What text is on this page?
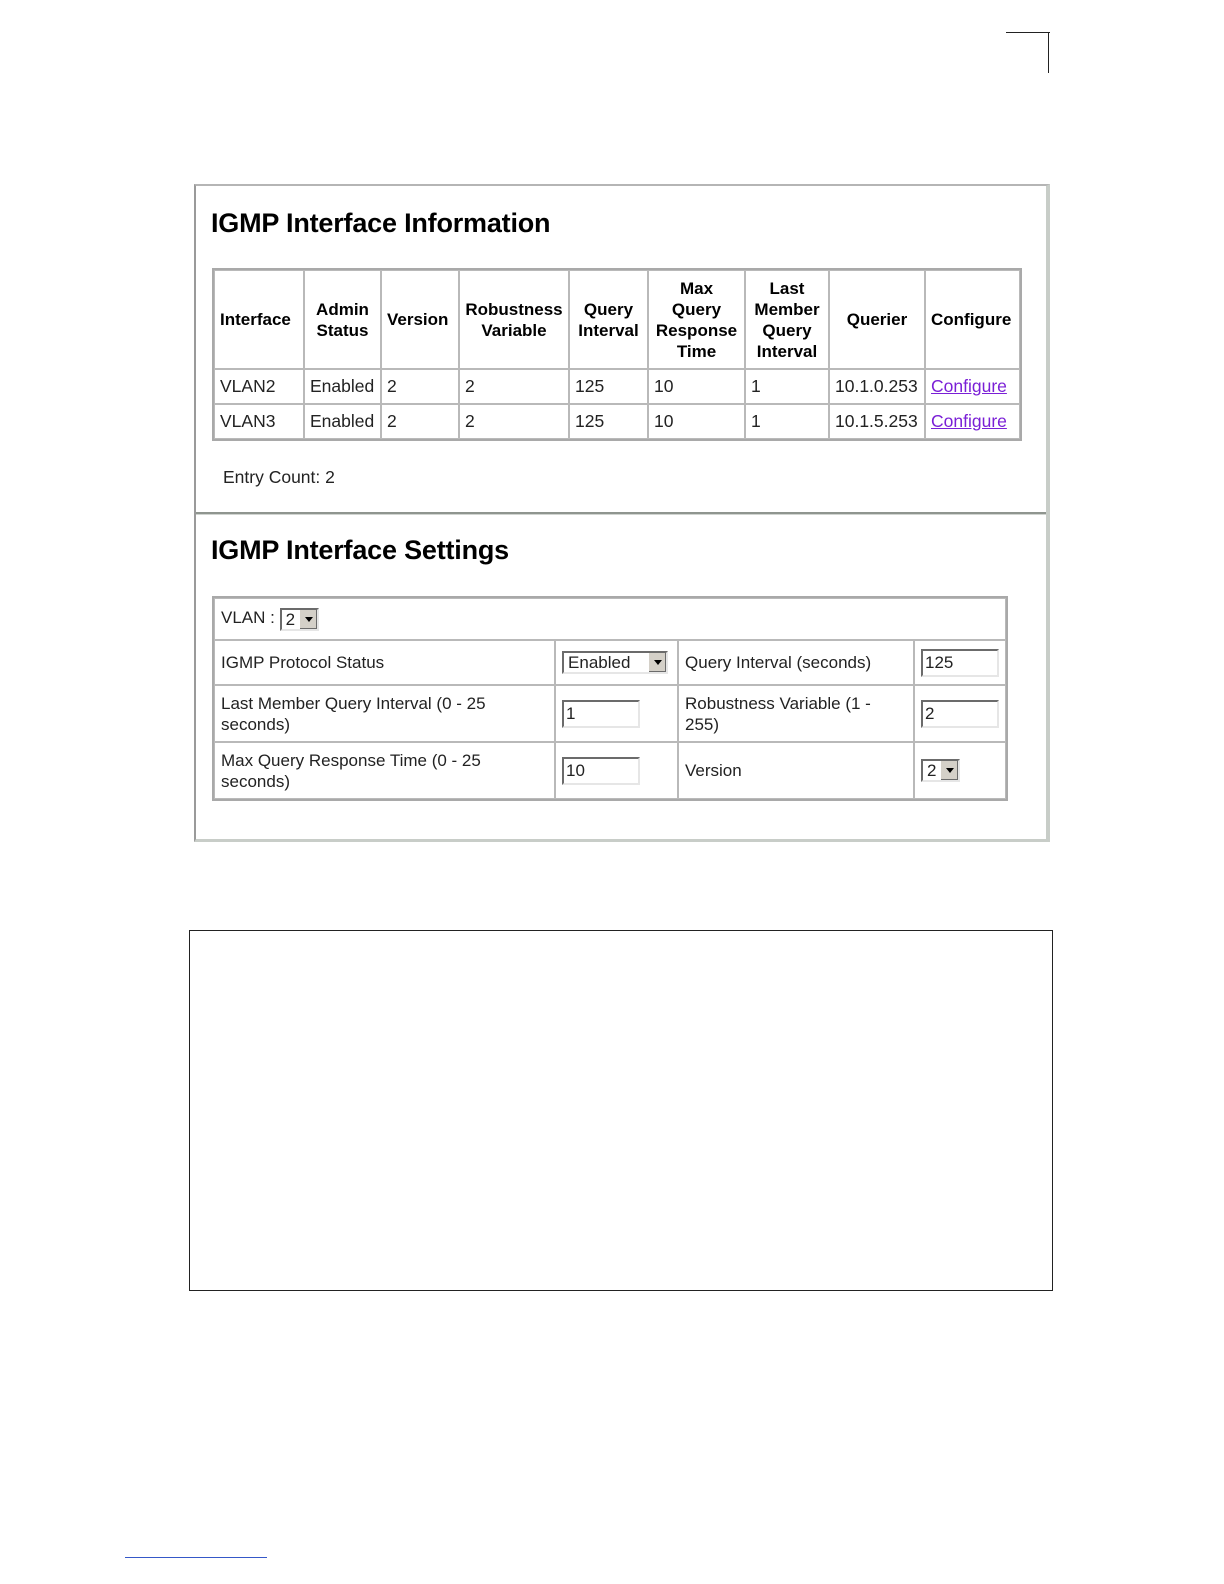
IGMP Interface Information
Interface	Admin Status	Version	Robustness Variable	Query Interval	Max Query Response Time	Last Member Query Interval	Querier	Configure
VLAN2	Enabled	2	2	125	10	1	10.1.0.253	Configure
VLAN3	Enabled	2	2	125	10	1	10.1.5.253	Configure
Entry Count: 2
IGMP Interface Settings
VLAN : 2			

IGMP Protocol Status	Enabled	Query Interval (seconds)	125
Last Member Query Interval (0 - 25 seconds)	1	Robustness Variable (1 - 255)	2
Max Query Response Time (0 - 25 seconds)	10	Version	2
